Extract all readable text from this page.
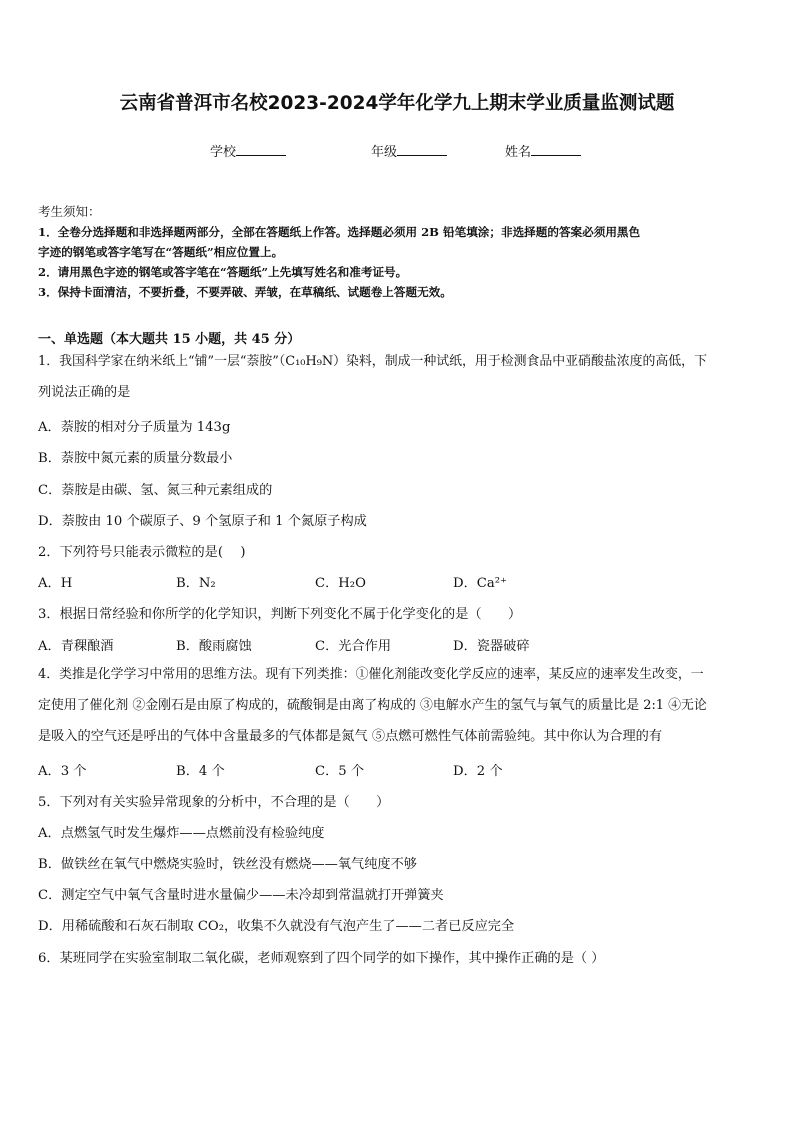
云南省普洱市名校2023-2024学年化学九上期末学业质量监测试题
学校	年级	姓名
考生须知：
1．全卷分选择题和非选择题两部分，全部在答题纸上作答。选择题必须用 2B 铅笔填涂；非选择题的答案必须用黑色
字迹的钢笔或答字笔写在“答题纸”相应位置上。
2．请用黑色字迹的钢笔或答字笔在“答题纸”上先填写姓名和准考证号。
3．保持卡面清洁，不要折叠，不要弄破、弄皱，在草稿纸、试题卷上答题无效。
一、单选题（本大题共 15 小题，共 45 分）
1．我国科学家在纳米纸上“铺”一层“萘胺”（C₁₀H₉N）染料，制成一种试纸，用于检测食品中亚硝酸盐浓度的高低，下
列说法正确的是
A．萘胺的相对分子质量为 143g
B．萘胺中氮元素的质量分数最小
C．萘胺是由碳、氢、氮三种元素组成的
D．萘胺由 10 个碳原子、9 个氢原子和 1 个氮原子构成
2．下列符号只能表示微粒的是(　 )
A．H	B．N₂	C．H₂O	D．Ca²⁺
3．根据日常经验和你所学的化学知识，判断下列变化不属于化学变化的是（　　）
A．青稞酿酒	B．酸雨腐蚀	C．光合作用	D．瓷器破碎
4．类推是化学学习中常用的思维方法。现有下列类推：①催化剂能改变化学反应的速率，某反应的速率发生改变，一
定使用了催化剂 ②金刚石是由原了构成的，硫酸铜是由离了构成的 ③电解水产生的氢气与氧气的质量比是 2:1 ④无论
是吸入的空气还是呼出的气体中含量最多的气体都是氮气 ⑤点燃可燃性气体前需验纯。其中你认为合理的有
A．3 个	B．4 个	C．5 个	D．2 个
5．下列对有关实验异常现象的分析中，不合理的是（　　）
A．点燃氢气时发生爆炸——点燃前没有检验纯度
B．做铁丝在氧气中燃烧实验时，铁丝没有燃烧——氧气纯度不够
C．测定空气中氧气含量时进水量偏少——未冷却到常温就打开弹簧夹
D．用稀硫酸和石灰石制取 CO₂，收集不久就没有气泡产生了——二者已反应完全
6．某班同学在实验室制取二氧化碳，老师观察到了四个同学的如下操作，其中操作正确的是（ ）
